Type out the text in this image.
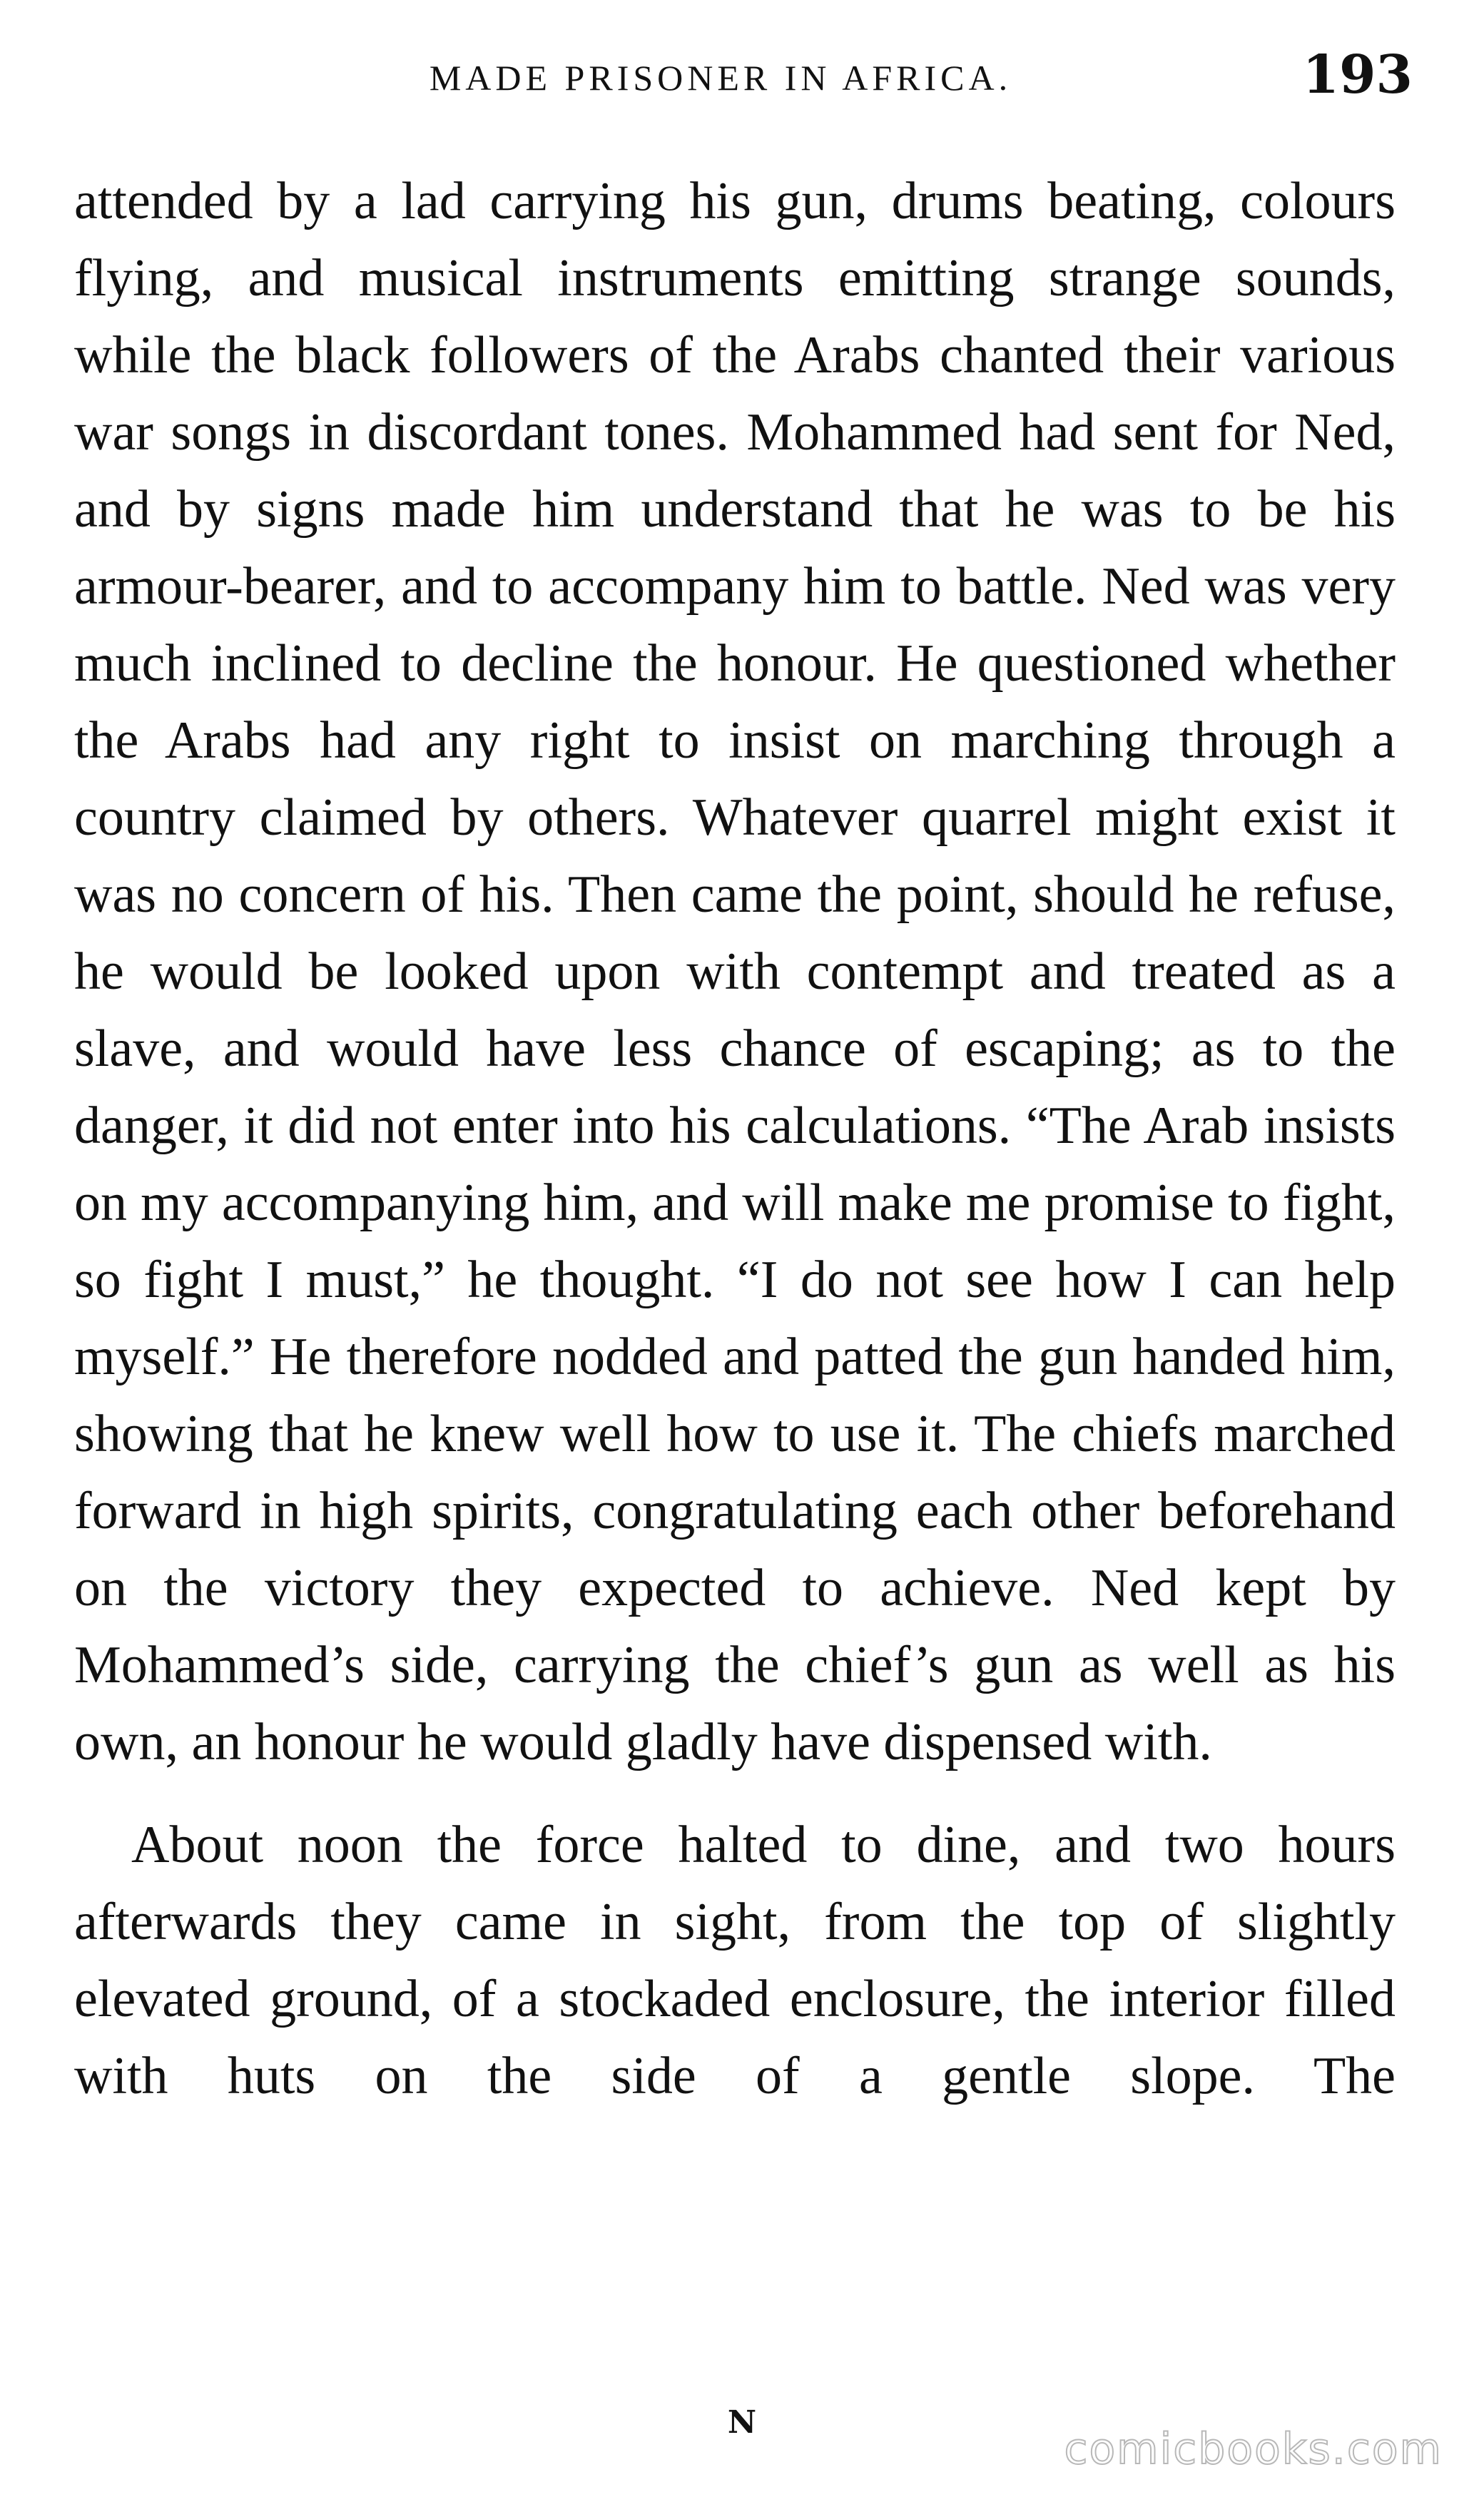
MADE PRISONER IN AFRICA.	193

attended by a lad carrying his gun, drums beating, colours flying, and musical instruments emitting strange sounds, while the black followers of the Arabs chanted their various war songs in discordant tones. Mohammed had sent for Ned, and by signs made him understand that he was to be his armour-bearer, and to accompany him to battle. Ned was very much inclined to decline the honour. He questioned whether the Arabs had any right to insist on marching through a country claimed by others. Whatever quarrel might exist it was no concern of his. Then came the point, should he refuse, he would be looked upon with contempt and treated as a slave, and would have less chance of escaping; as to the danger, it did not enter into his calculations. “The Arab insists on my accompanying him, and will make me promise to fight, so fight I must,” he thought. “I do not see how I can help myself.” He therefore nodded and patted the gun handed him, showing that he knew well how to use it. The chiefs marched forward in high spirits, congratulating each other beforehand on the victory they expected to achieve. Ned kept by Mohammed’s side, carrying the chief’s gun as well as his own, an honour he would gladly have dispensed with.

About noon the force halted to dine, and two hours afterwards they came in sight, from the top of slightly elevated ground, of a stockaded enclosure, the interior filled with huts on the side of a gentle slope. The

N
comicbooks.com
